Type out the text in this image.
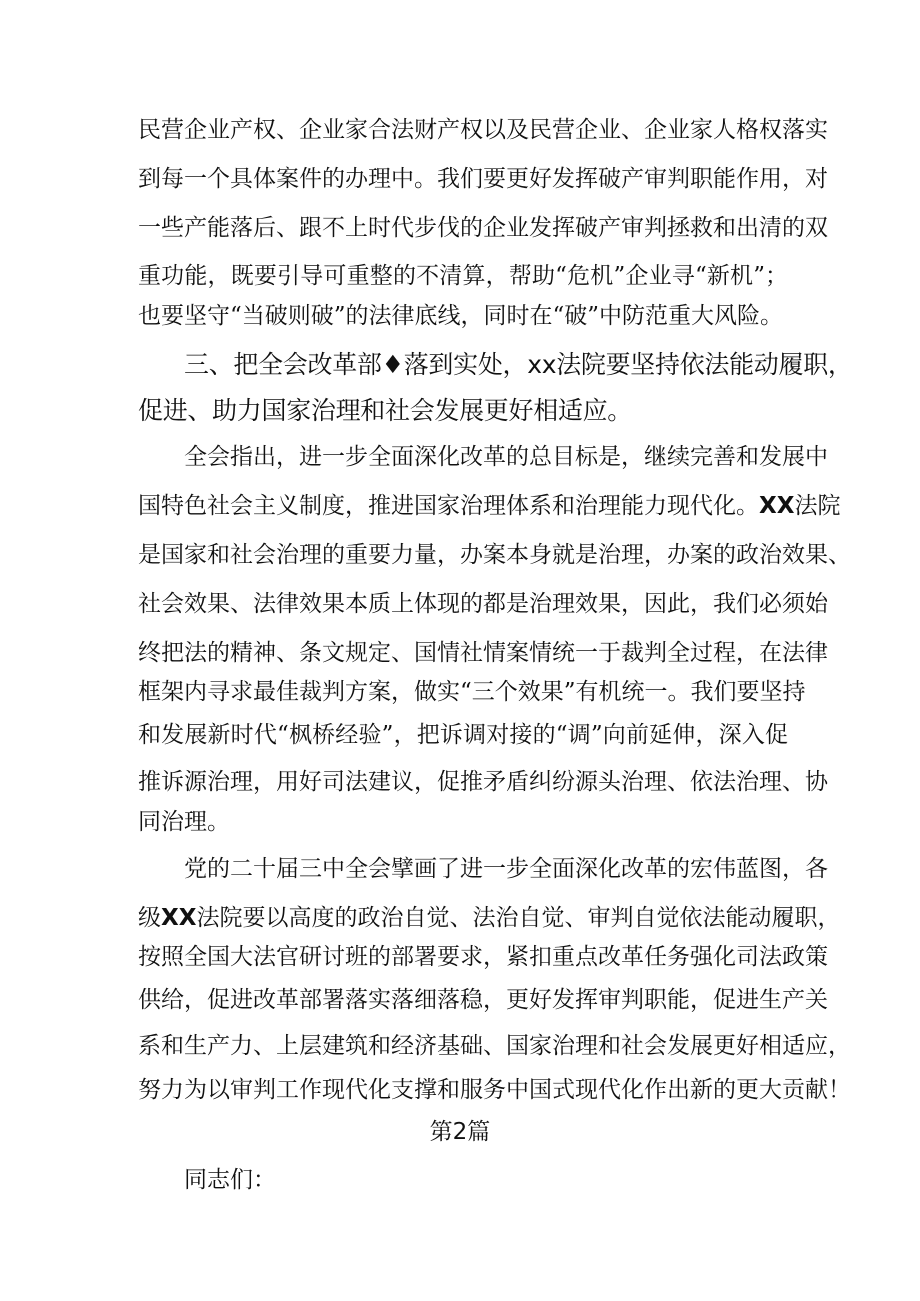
民营企业产权、企业家合法财产权以及民营企业、企业家人格权落实
到每一个具体案件的办理中。我们要更好发挥破产审判职能作用，对
一些产能落后、跟不上时代步伐的企业发挥破产审判拯救和出清的双
重功能，既要引导可重整的不清算，帮助“危机”企业寻“新机”；
也要坚守“当破则破”的法律底线，同时在“破”中防范重大风险。
三、把全会改革部♦落到实处，xx法院要坚持依法能动履职，
促进、助力国家治理和社会发展更好相适应。
全会指出，进一步全面深化改革的总目标是，继续完善和发展中
国特色社会主义制度，推进国家治理体系和治理能力现代化。XX法院
是国家和社会治理的重要力量，办案本身就是治理，办案的政治效果、
社会效果、法律效果本质上体现的都是治理效果，因此，我们必须始
终把法的精神、条文规定、国情社情案情统一于裁判全过程，在法律
框架内寻求最佳裁判方案，做实“三个效果”有机统一。我们要坚持
和发展新时代“枫桥经验”，把诉调对接的“调”向前延伸，深入促
推诉源治理，用好司法建议，促推矛盾纠纷源头治理、依法治理、协
同治理。
党的二十届三中全会擘画了进一步全面深化改革的宏伟蓝图，各
级XX法院要以高度的政治自觉、法治自觉、审判自觉依法能动履职，
按照全国大法官研讨班的部署要求，紧扣重点改革任务强化司法政策
供给，促进改革部署落实落细落稳，更好发挥审判职能，促进生产关
系和生产力、上层建筑和经济基础、国家治理和社会发展更好相适应，
努力为以审判工作现代化支撑和服务中国式现代化作出新的更大贡献！
第2篇
同志们：
